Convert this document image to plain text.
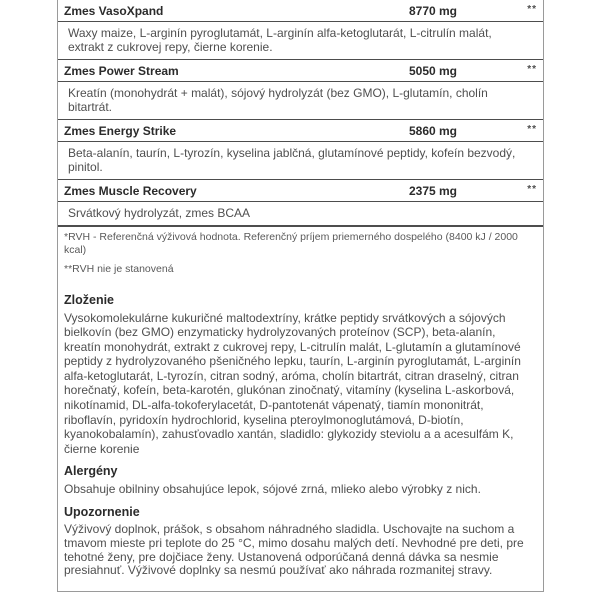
Zmes VasoXpand	8770 mg	**
Waxy maize, L-arginín pyroglutamát, L-arginín alfa-ketoglutarát, L-citrulín malát, extrakt z cukrovej repy, čierne korenie.
Zmes Power Stream	5050 mg	**
Kreatín (monohydrát + malát), sójový hydrolyzát (bez GMO), L-glutamín, cholín bitartrát.
Zmes Energy Strike	5860 mg	**
Beta-alanín, taurín, L-tyrozín, kyselina jablčná, glutamínové peptidy, kofeín bezvodý, pinitol.
Zmes Muscle Recovery	2375 mg	**
Srvátkový hydrolyzát, zmes BCAA

*RVH - Referenčná výživová hodnota. Referenčný príjem priemerného dospelého (8400 kJ / 2000 kcal)

**RVH nie je stanovená

Zloženie

Vysokomolekulárne kukuričné maltodextríny, krátke peptidy srvátkových a sójových bielkovín (bez GMO) enzymaticky hydrolyzovaných proteínov (SCP), beta-alanín, kreatín monohydrát, extrakt z cukrovej repy, L-citrulín malát, L-glutamín a glutamínové peptidy z hydrolyzovaného pšeničného lepku, taurín, L-arginín pyroglutamát, L-arginín alfa-ketoglutarát, L-tyrozín, citran sodný, aróma, cholín bitartrát, citran draselný, citran horečnatý, kofeín, beta-karotén, glukónan zinočnatý, vitamíny (kyselina L-askorbová, nikotínamid, DL-alfa-tokoferylacetát, D-pantotenát vápenatý, tiamín mononitrát, riboflavín, pyridoxín hydrochlorid, kyselina pteroylmonoglutámová, D-biotín, kyanokobalamín), zahusťovadlo xantán, sladidlo: glykozidy steviolu a a acesulfám K, čierne korenie

Alergény

Obsahuje obilniny obsahujúce lepok, sójové zrná, mlieko alebo výrobky z nich.

Upozornenie

Výživový doplnok, prášok, s obsahom náhradného sladidla. Uschovajte na suchom a tmavom mieste pri teplote do 25 °C, mimo dosahu malých detí. Nevhodné pre deti, pre tehotné ženy, pre dojčiace ženy. Ustanovená odporúčaná denná dávka sa nesmie presiahnuť. Výživové doplnky sa nesmú používať ako náhrada rozmanitej stravy.
